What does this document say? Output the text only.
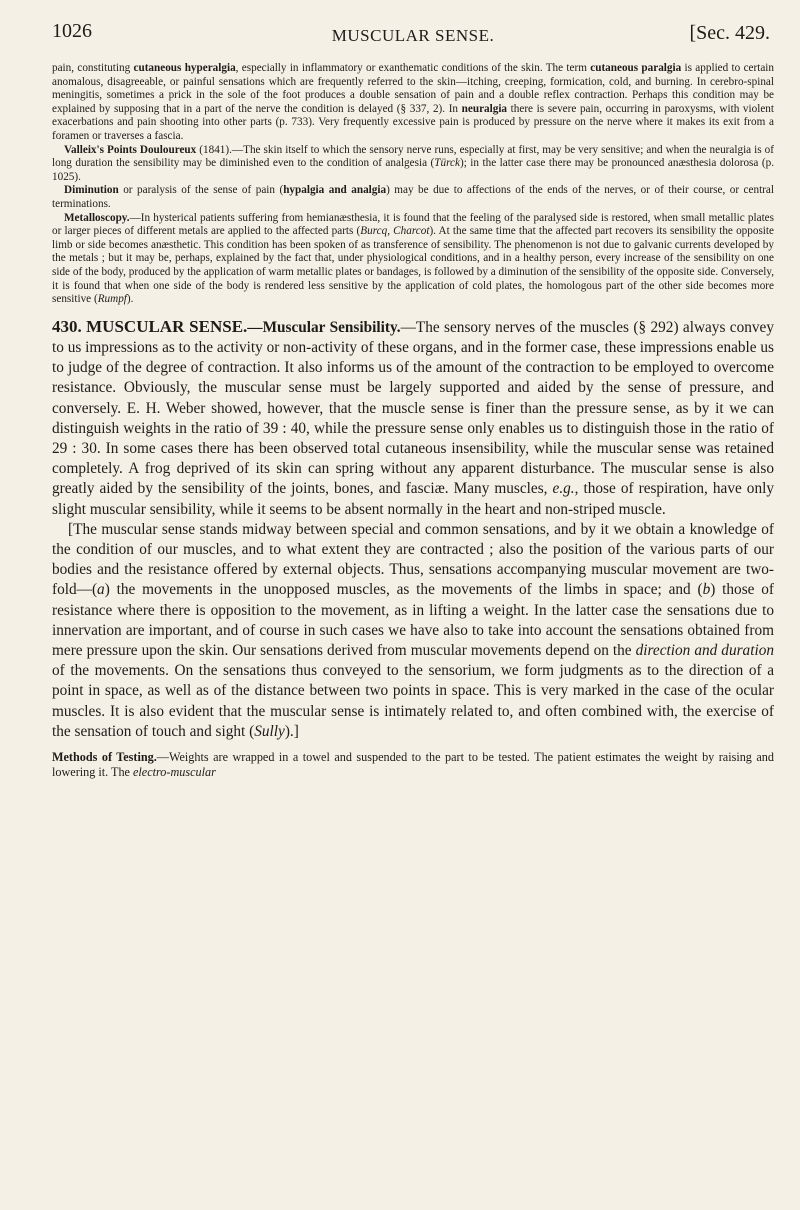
1026	MUSCULAR SENSE.	[Sec. 429.

pain, constituting cutaneous hyperalgia, especially in inflammatory or exanthematic conditions of the skin. The term cutaneous paralgia is applied to certain anomalous, disagreeable, or painful sensations which are frequently referred to the skin—itching, creeping, formication, cold, and burning. In cerebro-spinal meningitis, sometimes a prick in the sole of the foot produces a double sensation of pain and a double reflex contraction. Perhaps this condition may be explained by supposing that in a part of the nerve the condition is delayed (§ 337, 2). In neuralgia there is severe pain, occurring in paroxysms, with violent exacerbations and pain shooting into other parts (p. 733). Very frequently excessive pain is produced by pressure on the nerve where it makes its exit from a foramen or traverses a fascia.

Valleix's Points Douloureux (1841).—The skin itself to which the sensory nerve runs, especially at first, may be very sensitive; and when the neuralgia is of long duration the sensibility may be diminished even to the condition of analgesia (Türck); in the latter case there may be pronounced anæsthesia dolorosa (p. 1025).

Diminution or paralysis of the sense of pain (hypalgia and analgia) may be due to affections of the ends of the nerves, or of their course, or central terminations.

Metalloscopy.—In hysterical patients suffering from hemianæsthesia, it is found that the feeling of the paralysed side is restored, when small metallic plates or larger pieces of different metals are applied to the affected parts (Burcq, Charcot). At the same time that the affected part recovers its sensibility the opposite limb or side becomes anæsthetic. This condition has been spoken of as transference of sensibility. The phenomenon is not due to galvanic currents developed by the metals ; but it may be, perhaps, explained by the fact that, under physiological conditions, and in a healthy person, every increase of the sensibility on one side of the body, produced by the application of warm metallic plates or bandages, is followed by a diminution of the sensibility of the opposite side. Conversely, it is found that when one side of the body is rendered less sensitive by the application of cold plates, the homologous part of the other side becomes more sensitive (Rumpf).

430. MUSCULAR SENSE.—Muscular Sensibility.—The sensory nerves of the muscles (§ 292) always convey to us impressions as to the activity or non-activity of these organs, and in the former case, these impressions enable us to judge of the degree of contraction. It also informs us of the amount of the contraction to be employed to overcome resistance. Obviously, the muscular sense must be largely supported and aided by the sense of pressure, and conversely. E. H. Weber showed, however, that the muscle sense is finer than the pressure sense, as by it we can distinguish weights in the ratio of 39 : 40, while the pressure sense only enables us to distinguish those in the ratio of 29 : 30. In some cases there has been observed total cutaneous insensibility, while the muscular sense was retained completely. A frog deprived of its skin can spring without any apparent disturbance. The muscular sense is also greatly aided by the sensibility of the joints, bones, and fasciæ. Many muscles, e.g., those of respiration, have only slight muscular sensibility, while it seems to be absent normally in the heart and non-striped muscle.

[The muscular sense stands midway between special and common sensations, and by it we obtain a knowledge of the condition of our muscles, and to what extent they are contracted ; also the position of the various parts of our bodies and the resistance offered by external objects. Thus, sensations accompanying muscular movement are two-fold—(a) the movements in the unopposed muscles, as the movements of the limbs in space; and (b) those of resistance where there is opposition to the movement, as in lifting a weight. In the latter case the sensations due to innervation are important, and of course in such cases we have also to take into account the sensations obtained from mere pressure upon the skin. Our sensations derived from muscular movements depend on the direction and duration of the movements. On the sensations thus conveyed to the sensorium, we form judgments as to the direction of a point in space, as well as of the distance between two points in space. This is very marked in the case of the ocular muscles. It is also evident that the muscular sense is intimately related to, and often combined with, the exercise of the sensation of touch and sight (Sully).]

Methods of Testing.—Weights are wrapped in a towel and suspended to the part to be tested. The patient estimates the weight by raising and lowering it. The electro-muscular
